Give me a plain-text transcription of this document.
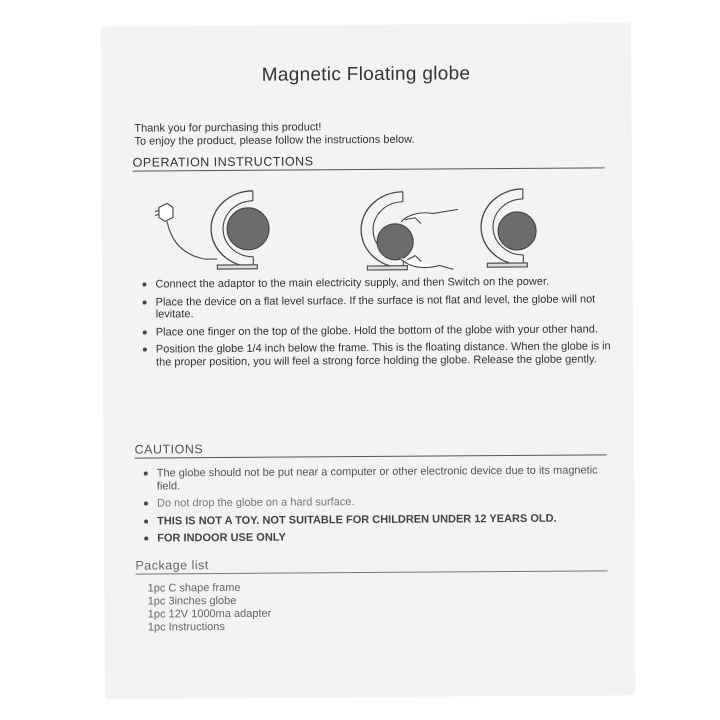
Magnetic Floating globe
Thank you for purchasing this product!
To enjoy the product, please follow the instructions below.
OPERATION INSTRUCTIONS
Connect the adaptor to the main electricity supply, and then Switch on the power.
Place the device on a flat level surface. If the surface is not flat and level, the globe will not levitate.
Place one finger on the top of the globe. Hold the bottom of the globe with your other hand.
Position the globe 1/4 inch below the frame. This is the floating distance. When the globe is in the proper position, you will feel a strong force holding the globe. Release the globe gently.
CAUTIONS
The globe should not be put near a computer or other electronic device due to its magnetic field.
Do not drop the globe on a hard surface.
THIS IS NOT A TOY. NOT SUITABLE FOR CHILDREN UNDER 12 YEARS OLD.
FOR INDOOR USE ONLY
Package list
1pc C shape frame
1pc 3inches globe
1pc 12V 1000ma adapter
1pc Instructions
